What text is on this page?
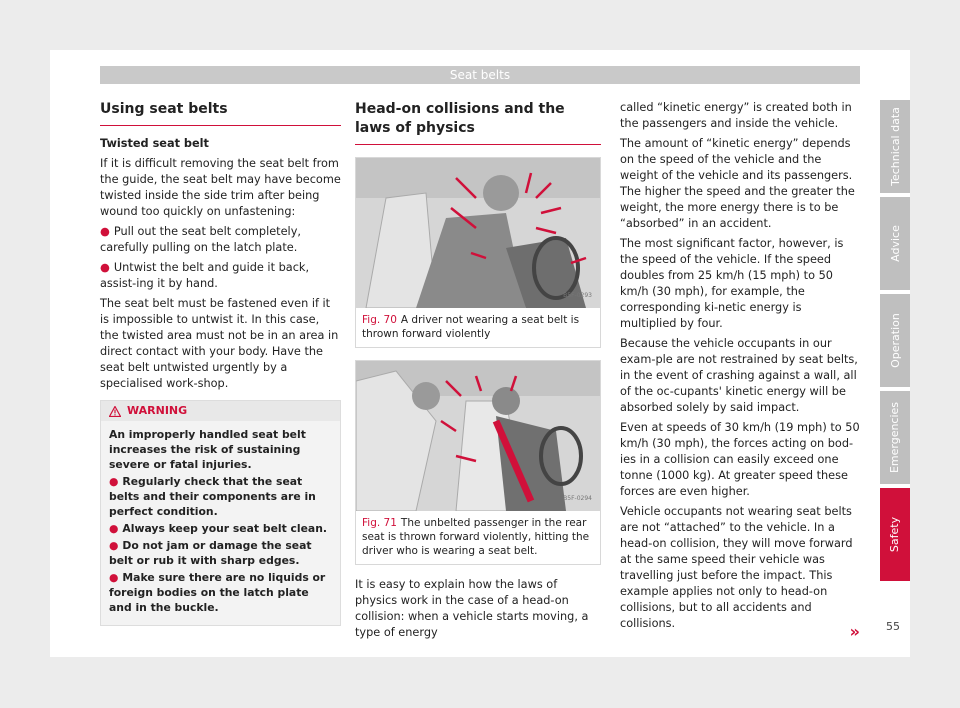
Seat belts
Using seat belts

Twisted seat belt

If it is difficult removing the seat belt from the guide, the seat belt may have become twisted inside the side trim after being wound too quickly on unfastening:

● Pull out the seat belt completely, carefully pulling on the latch plate.

● Untwist the belt and guide it back, assist-ing it by hand.

The seat belt must be fastened even if it is impossible to untwist it. In this case, the twisted area must not be in an area in direct contact with your body. Have the seat belt untwisted urgently by a specialised work-shop.

WARNING

An improperly handled seat belt increases the risk of sustaining severe or fatal injuries.

● Regularly check that the seat belts and their components are in perfect condition.

● Always keep your seat belt clean.

● Do not jam or damage the seat belt or rub it with sharp edges.

● Make sure there are no liquids or foreign bodies on the latch plate and in the buckle.

Head-on collisions and the laws of physics
B5F-0293
Fig. 70 A driver not wearing a seat belt is thrown forward violently
B5F-0294
Fig. 71 The unbelted passenger in the rear seat is thrown forward violently, hitting the driver who is wearing a seat belt.

It is easy to explain how the laws of physics work in the case of a head-on collision: when a vehicle starts moving, a type of energy

called “kinetic energy” is created both in the passengers and inside the vehicle.

The amount of “kinetic energy” depends on the speed of the vehicle and the weight of the vehicle and its passengers. The higher the speed and the greater the weight, the more energy there is to be “absorbed” in an accident.

The most significant factor, however, is the speed of the vehicle. If the speed doubles from 25 km/h (15 mph) to 50 km/h (30 mph), for example, the corresponding ki-netic energy is multiplied by four.

Because the vehicle occupants in our exam-ple are not restrained by seat belts, in the event of crashing against a wall, all of the oc-cupants' kinetic energy will be absorbed solely by said impact.

Even at speeds of 30 km/h (19 mph) to 50 km/h (30 mph), the forces acting on bod-ies in a collision can easily exceed one tonne (1000 kg). At greater speed these forces are even higher.

Vehicle occupants not wearing seat belts are not “attached” to the vehicle. In a head-on collision, they will move forward at the same speed their vehicle was travelling just before the impact. This example applies not only to head-on collisions, but to all accidents and collisions.	»
Technical data
Advice
Operation
Emergencies
Safety
55
